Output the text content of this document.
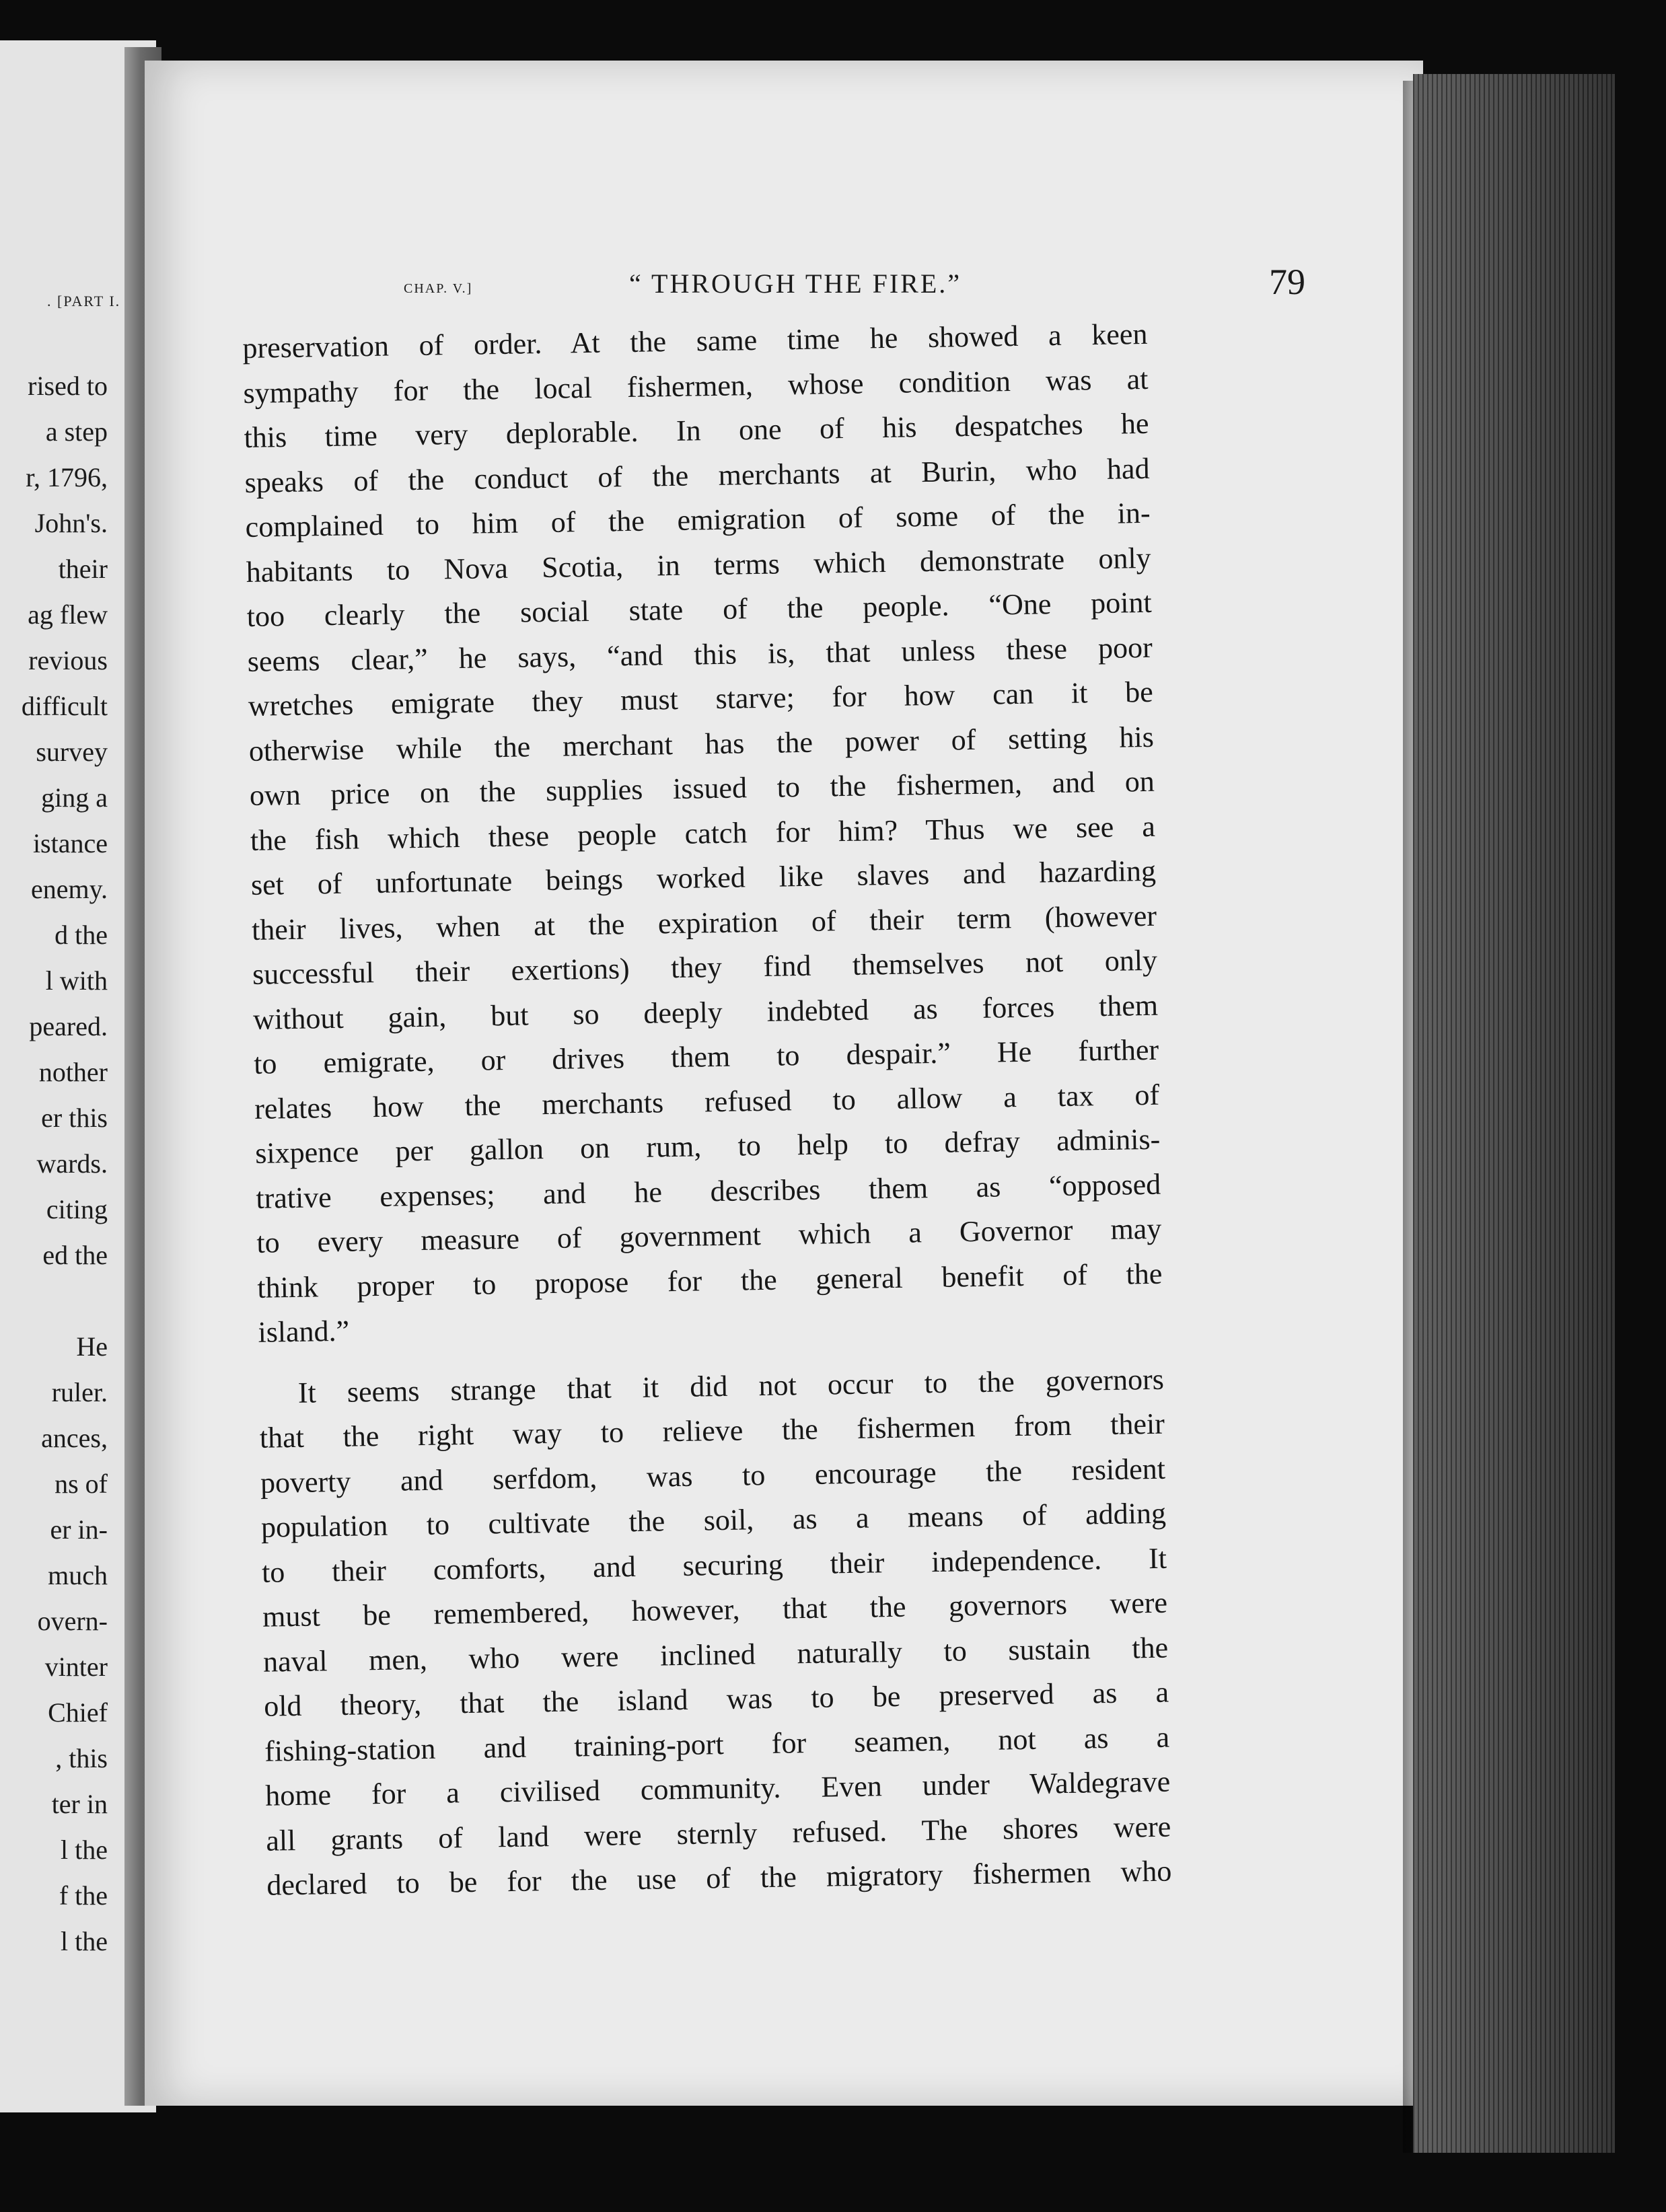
. [PART I.
rised to
a step
r, 1796,
John's.
their
ag flew
revious
difficult
survey
ging a
istance
enemy.
d the
l with
peared.
nother
er this
wards.
citing
ed the

He
ruler.
ances,
ns of
er in-
much
overn-
vinter
Chief
, this
ter in
l the
f the
l the
CHAP. V.]	“ THROUGH THE FIRE.”	79
preservation of order. At the same time he showed a keen
sympathy for the local fishermen, whose condition was at
this time very deplorable. In one of his despatches he
speaks of the conduct of the merchants at Burin, who had
complained to him of the emigration of some of the in-
habitants to Nova Scotia, in terms which demonstrate only
too clearly the social state of the people. “One point
seems clear,” he says, “and this is, that unless these poor
wretches emigrate they must starve; for how can it be
otherwise while the merchant has the power of setting his
own price on the supplies issued to the fishermen, and on
the fish which these people catch for him? Thus we see a
set of unfortunate beings worked like slaves and hazarding
their lives, when at the expiration of their term (however
successful their exertions) they find themselves not only
without gain, but so deeply indebted as forces them
to emigrate, or drives them to despair.” He further
relates how the merchants refused to allow a tax of
sixpence per gallon on rum, to help to defray adminis-
trative expenses; and he describes them as “opposed
to every measure of government which a Governor may
think proper to propose for the general benefit of the
island.”
It seems strange that it did not occur to the governors
that the right way to relieve the fishermen from their
poverty and serfdom, was to encourage the resident
population to cultivate the soil, as a means of adding
to their comforts, and securing their independence. It
must be remembered, however, that the governors were
naval men, who were inclined naturally to sustain the
old theory, that the island was to be preserved as a
fishing-station and training-port for seamen, not as a
home for a civilised community. Even under Waldegrave
all grants of land were sternly refused. The shores were
declared to be for the use of the migratory fishermen who
